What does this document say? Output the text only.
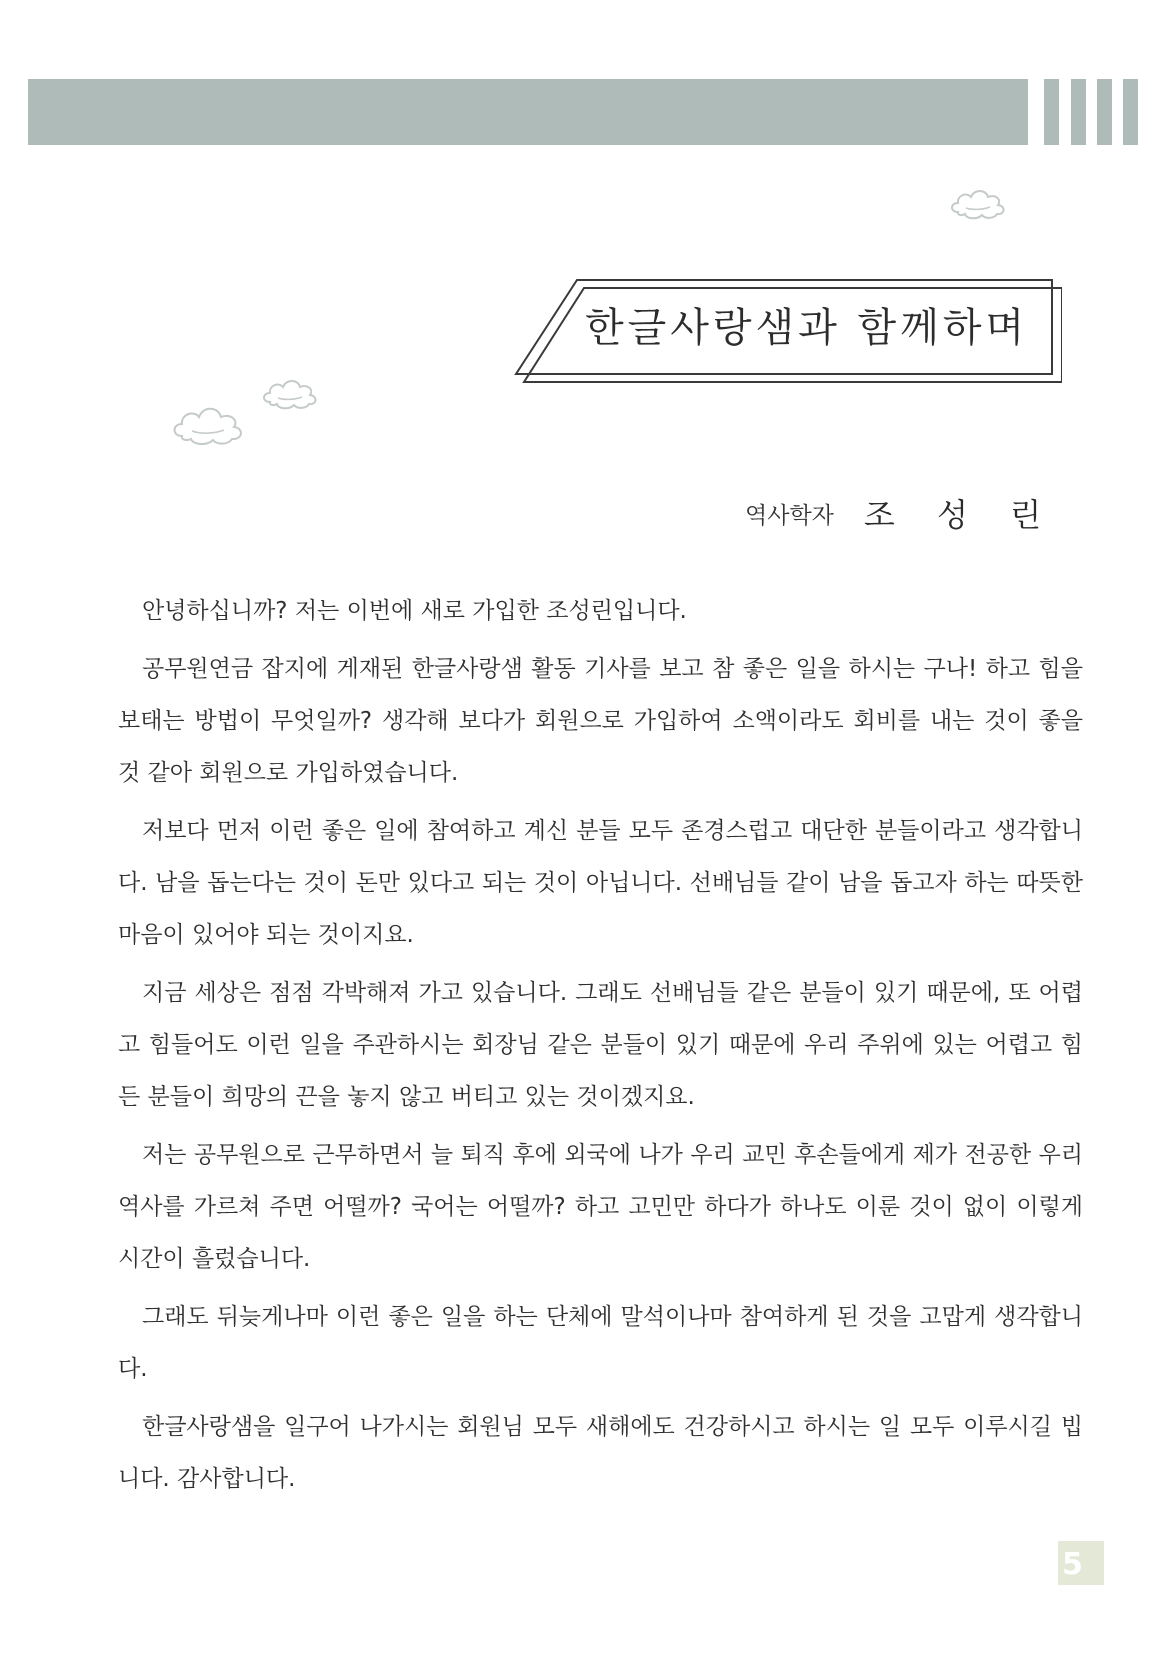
한글사랑샘과 함께하며
역사학자 조 성 린

안녕하십니까? 저는 이번에 새로 가입한 조성린입니다.

공무원연금 잡지에 게재된 한글사랑샘 활동 기사를 보고 참 좋은 일을 하시는 구나! 하고 힘을 보태는 방법이 무엇일까? 생각해 보다가 회원으로 가입하여 소액이라도 회비를 내는 것이 좋을 것 같아 회원으로 가입하였습니다.

저보다 먼저 이런 좋은 일에 참여하고 계신 분들 모두 존경스럽고 대단한 분들이라고 생각합니다. 남을 돕는다는 것이 돈만 있다고 되는 것이 아닙니다. 선배님들 같이 남을 돕고자 하는 따뜻한 마음이 있어야 되는 것이지요.

지금 세상은 점점 각박해져 가고 있습니다. 그래도 선배님들 같은 분들이 있기 때문에, 또 어렵고 힘들어도 이런 일을 주관하시는 회장님 같은 분들이 있기 때문에 우리 주위에 있는 어렵고 힘든 분들이 희망의 끈을 놓지 않고 버티고 있는 것이겠지요.

저는 공무원으로 근무하면서 늘 퇴직 후에 외국에 나가 우리 교민 후손들에게 제가 전공한 우리 역사를 가르쳐 주면 어떨까? 국어는 어떨까? 하고 고민만 하다가 하나도 이룬 것이 없이 이렇게 시간이 흘렀습니다.

그래도 뒤늦게나마 이런 좋은 일을 하는 단체에 말석이나마 참여하게 된 것을 고맙게 생각합니다.

한글사랑샘을 일구어 나가시는 회원님 모두 새해에도 건강하시고 하시는 일 모두 이루시길 빕니다. 감사합니다.

5
